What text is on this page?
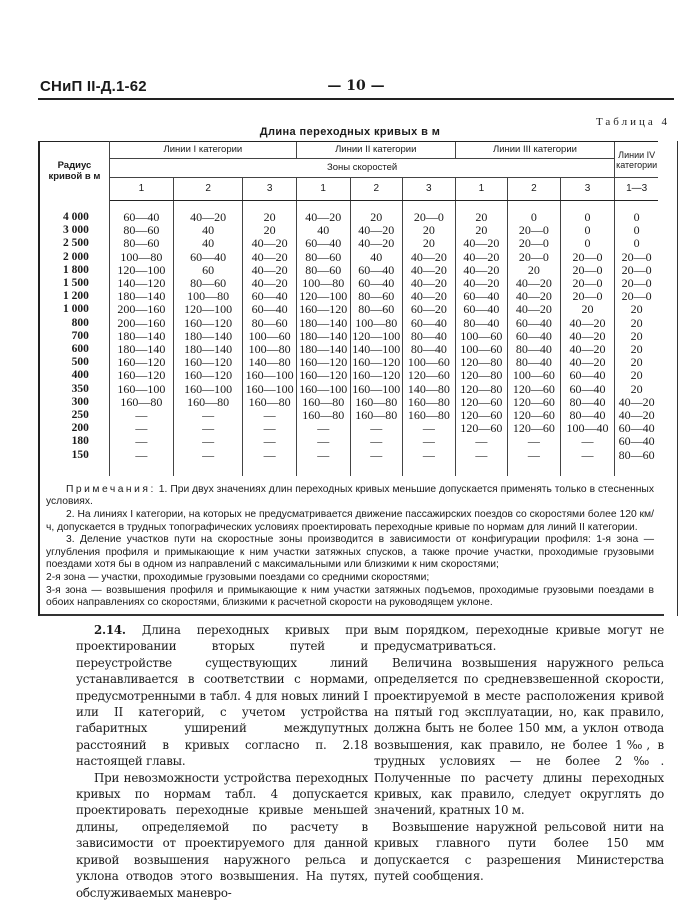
СНиП II-Д.1-62	— 10 —
Таблица 4
Длина переходных кривых в м
Радиус кривой в м	Линии I категории			Линии II категории			Линии III категории			Линии IV категории
	Зоны скоростей									
	1	2	3	1	2	3	1	2	3	1—3
4 000	60—40	40—20	20	40—20	20	20—0	20	0	0	0
3 000	80—60	40	20	40	40—20	20	20	20—0	0	0
2 500	80—60	40	40—20	60—40	40—20	20	40—20	20—0	0	0
2 000	100—80	60—40	40—20	80—60	40	40—20	40—20	20—0	20—0	20—0
1 800	120—100	60	40—20	80—60	60—40	40—20	40—20	20	20—0	20—0
1 500	140—120	80—60	40—20	100—80	60—40	40—20	40—20	40—20	20—0	20—0
1 200	180—140	100—80	60—40	120—100	80—60	40—20	60—40	40—20	20—0	20—0
1 000	200—160	120—100	60—40	160—120	80—60	60—20	60—40	40—20	20	20
800	200—160	160—120	80—60	180—140	100—80	60—40	80—40	60—40	40—20	20
700	180—140	180—140	100—60	180—140	120—100	80—40	100—60	60—40	40—20	20
600	180—140	180—140	100—80	180—140	140—100	80—40	100—60	80—40	40—20	20
500	160—120	160—120	140—80	160—120	160—120	100—60	120—80	80—40	40—20	20
400	160—120	160—120	160—100	160—120	160—120	120—60	120—80	100—60	60—40	20
350	160—100	160—100	160—100	160—100	160—100	140—80	120—80	120—60	60—40	20
300	160—80	160—80	160—80	160—80	160—80	160—80	120—60	120—60	80—40	40—20
250	—	—	—	160—80	160—80	160—80	120—60	120—60	80—40	40—20
200	—	—	—	—	—	—	120—60	120—60	100—40	60—40
180	—	—	—	—	—	—	—	—	—	60—40
150	—	—	—	—	—	—	—	—	—	80—60

Примечания: 1. При двух значениях длин переходных кривых меньшие допускается применять только в стесненных условиях.

2. На линиях I категории, на которых не предусматривается движение пассажирских поездов со скоростями более 120 км/ч, допускается в трудных топографических условиях проектировать переходные кривые по нормам для линий II категории.

3. Деление участков пути на скоростные зоны производится в зависимости от конфигурации профиля: 1-я зона — углубления профиля и примыкающие к ним участки затяжных спусков, а также прочие участки, проходимые грузовыми поездами хотя бы в одном из направлений с максимальными или близкими к ним скоростями;

2-я зона — участки, проходимые грузовыми поездами со средними скоростями;

3-я зона — возвышения профиля и примыкающие к ним участки затяжных подъемов, проходимые грузовыми поездами в обоих направлениях со скоростями, близкими к расчетной скорости на руководящем уклоне.

2.14. Длина переходных кривых при проектировании вторых путей и переустройстве существующих линий устанавливается в соответствии с нормами, предусмотренными в табл. 4 для новых линий I или II категорий, с учетом устройства габаритных уширений междупутных расстояний в кривых согласно п. 2.18 настоящей главы.

При невозможности устройства переходных кривых по нормам табл. 4 допускается проектировать переходные кривые меньшей длины, определяемой по расчету в зависимости от проектируемого для данной кривой возвышения наружного рельса и уклона отводов этого возвышения. На путях, обслуживаемых маневро-

вым порядком, переходные кривые могут не предусматриваться.

Величина возвышения наружного рельса определяется по средневзвешенной скорости, проектируемой в месте расположения кривой на пятый год эксплуатации, но, как правило, должна быть не более 150 мм, а уклон отвода возвышения, как правило, не более 1‰, в трудных условиях — не более 2‰. Полученные по расчету длины переходных кривых, как правило, следует округлять до значений, кратных 10 м.

Возвышение наружной рельсовой нити на кривых главного пути более 150 мм допускается с разрешения Министерства путей сообщения.
